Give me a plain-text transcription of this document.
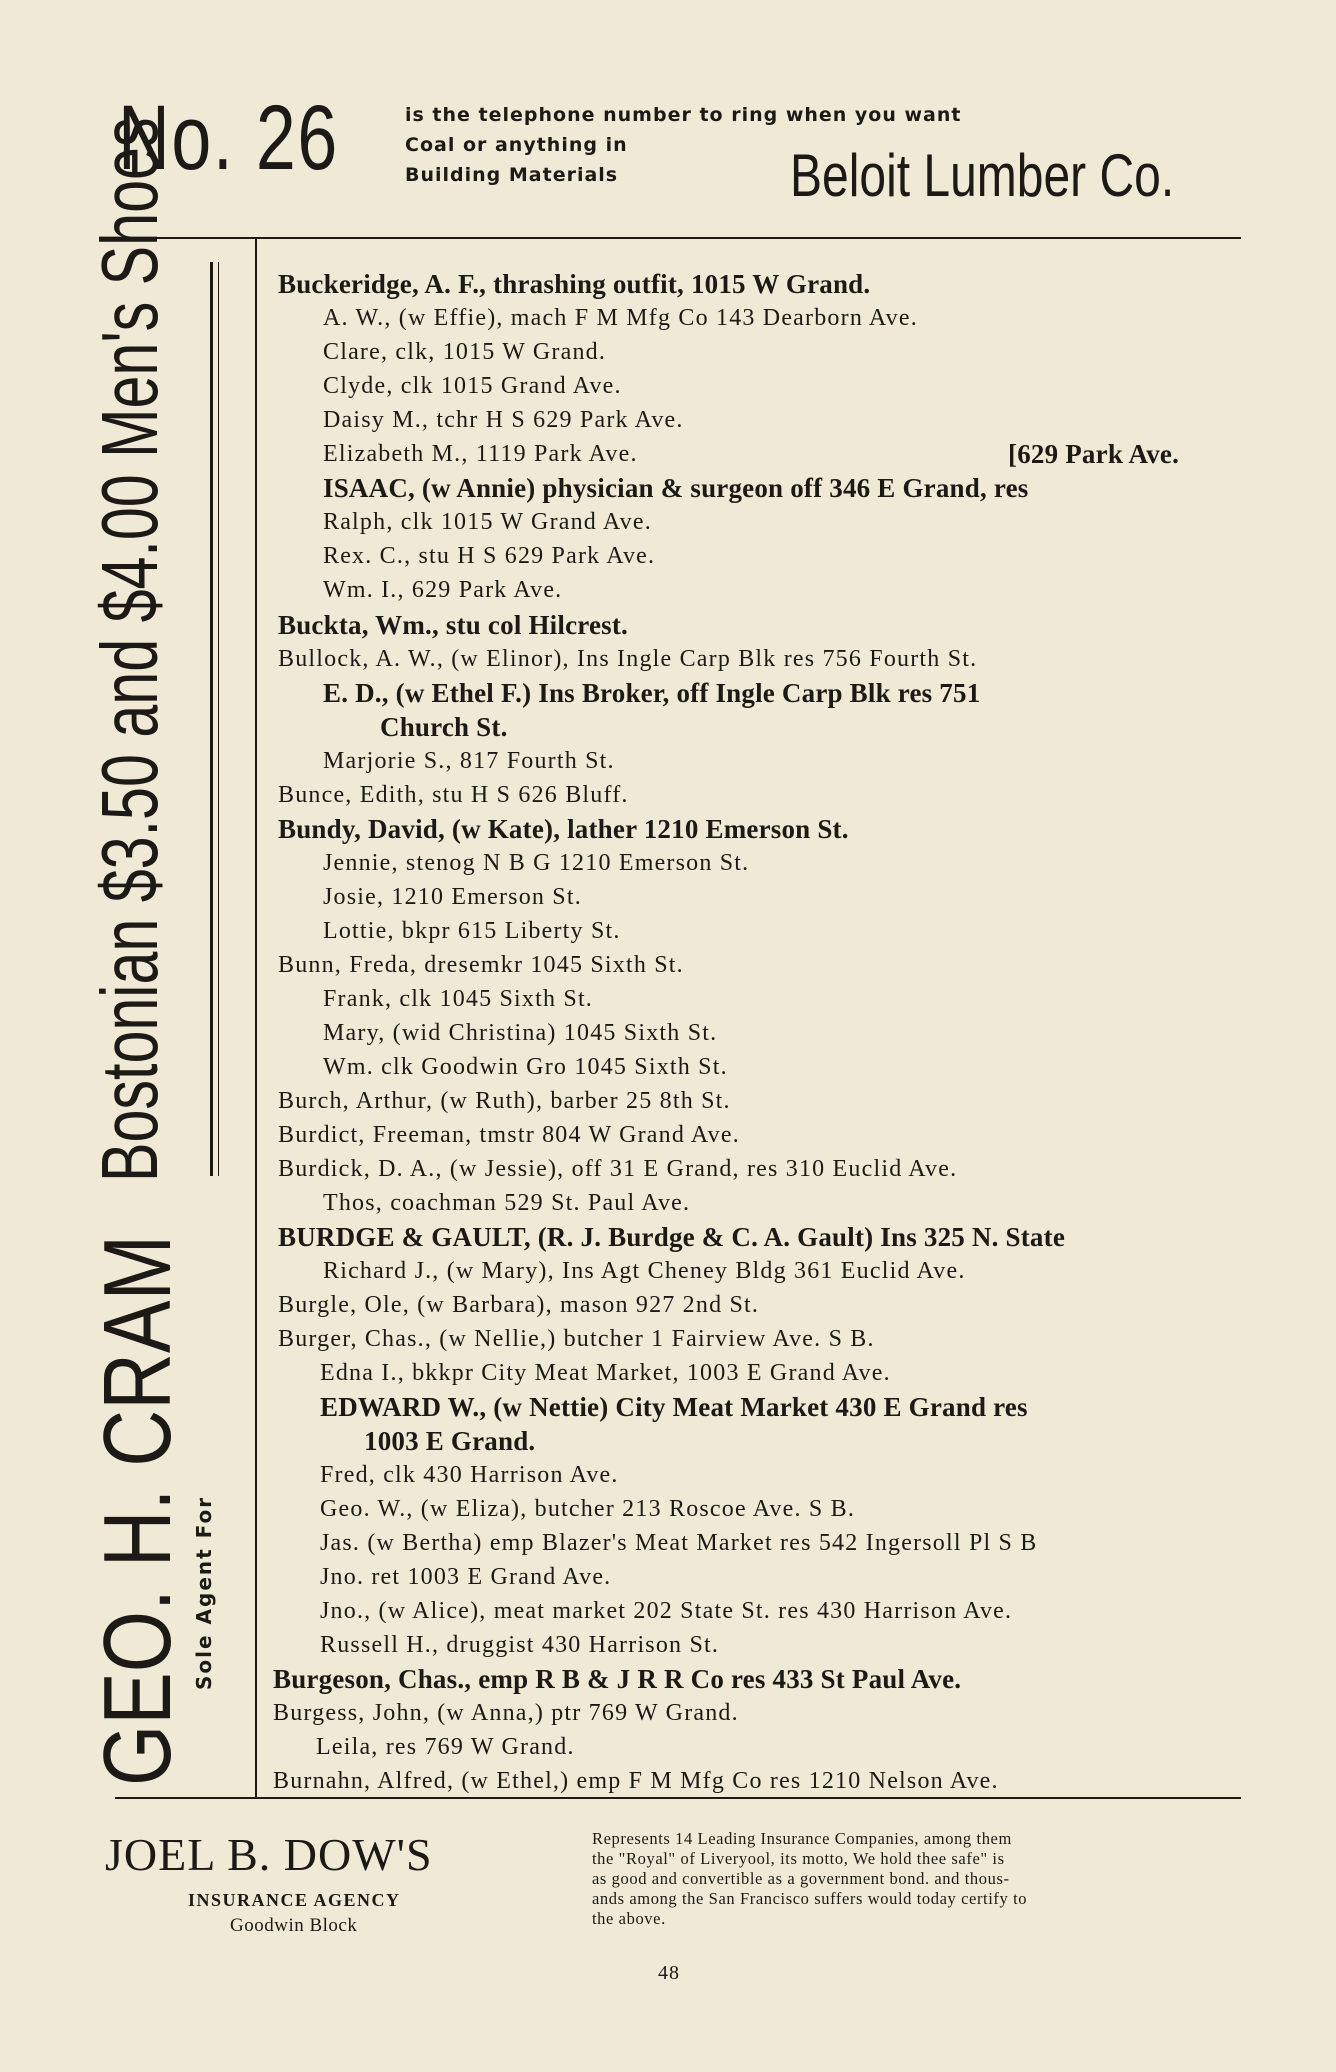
No. 26	is the telephone number to ring when you want
Coal or anything in
Building Materials	Beloit Lumber Co.
Bostonian $3.50 and $4.00 Men's Shoes
GEO. H. CRAM Sole Agent For
Buckeridge, A. F., thrashing outfit, 1015 W Grand.
A. W., (w Effie), mach F M Mfg Co 143 Dearborn Ave.
Clare, clk, 1015 W Grand.
Clyde, clk 1015 Grand Ave.
Daisy M., tchr H S 629 Park Ave.
Elizabeth M., 1119 Park Ave.	[629 Park Ave.
ISAAC, (w Annie) physician & surgeon off 346 E Grand, res
Ralph, clk 1015 W Grand Ave.
Rex. C., stu H S 629 Park Ave.
Wm. I., 629 Park Ave.
Buckta, Wm., stu col Hilcrest.
Bullock, A. W., (w Elinor), Ins Ingle Carp Blk res 756 Fourth St.
E. D., (w Ethel F.) Ins Broker, off Ingle Carp Blk res 751
Church St.
Marjorie S., 817 Fourth St.
Bunce, Edith, stu H S 626 Bluff.
Bundy, David, (w Kate), lather 1210 Emerson St.
Jennie, stenog N B G 1210 Emerson St.
Josie, 1210 Emerson St.
Lottie, bkpr 615 Liberty St.
Bunn, Freda, dresemkr 1045 Sixth St.
Frank, clk 1045 Sixth St.
Mary, (wid Christina) 1045 Sixth St.
Wm. clk Goodwin Gro 1045 Sixth St.
Burch, Arthur, (w Ruth), barber 25 8th St.
Burdict, Freeman, tmstr 804 W Grand Ave.
Burdick, D. A., (w Jessie), off 31 E Grand, res 310 Euclid Ave.
Thos, coachman 529 St. Paul Ave.
BURDGE & GAULT, (R. J. Burdge & C. A. Gault) Ins 325 N. State
Richard J., (w Mary), Ins Agt Cheney Bldg 361 Euclid Ave.
Burgle, Ole, (w Barbara), mason 927 2nd St.
Burger, Chas., (w Nellie,) butcher 1 Fairview Ave. S B.
Edna I., bkkpr City Meat Market, 1003 E Grand Ave.
EDWARD W., (w Nettie) City Meat Market 430 E Grand res
1003 E Grand.
Fred, clk 430 Harrison Ave.
Geo. W., (w Eliza), butcher 213 Roscoe Ave. S B.
Jas. (w Bertha) emp Blazer's Meat Market res 542 Ingersoll Pl S B
Jno. ret 1003 E Grand Ave.
Jno., (w Alice), meat market 202 State St. res 430 Harrison Ave.
Russell H., druggist 430 Harrison St.
Burgeson, Chas., emp R B & J R R Co res 433 St Paul Ave.
Burgess, John, (w Anna,) ptr 769 W Grand.
Leila, res 769 W Grand.
Burnahn, Alfred, (w Ethel,) emp F M Mfg Co res 1210 Nelson Ave.
JOEL B. DOW'S
INSURANCE AGENCY
Goodwin Block
Represents 14 Leading Insurance Companies, among them
the "Royal" of Liveryool, its motto, We hold thee safe" is
as good and convertible as a government bond. and thous-
ands among the San Francisco suffers would today certify to
the above.
48
